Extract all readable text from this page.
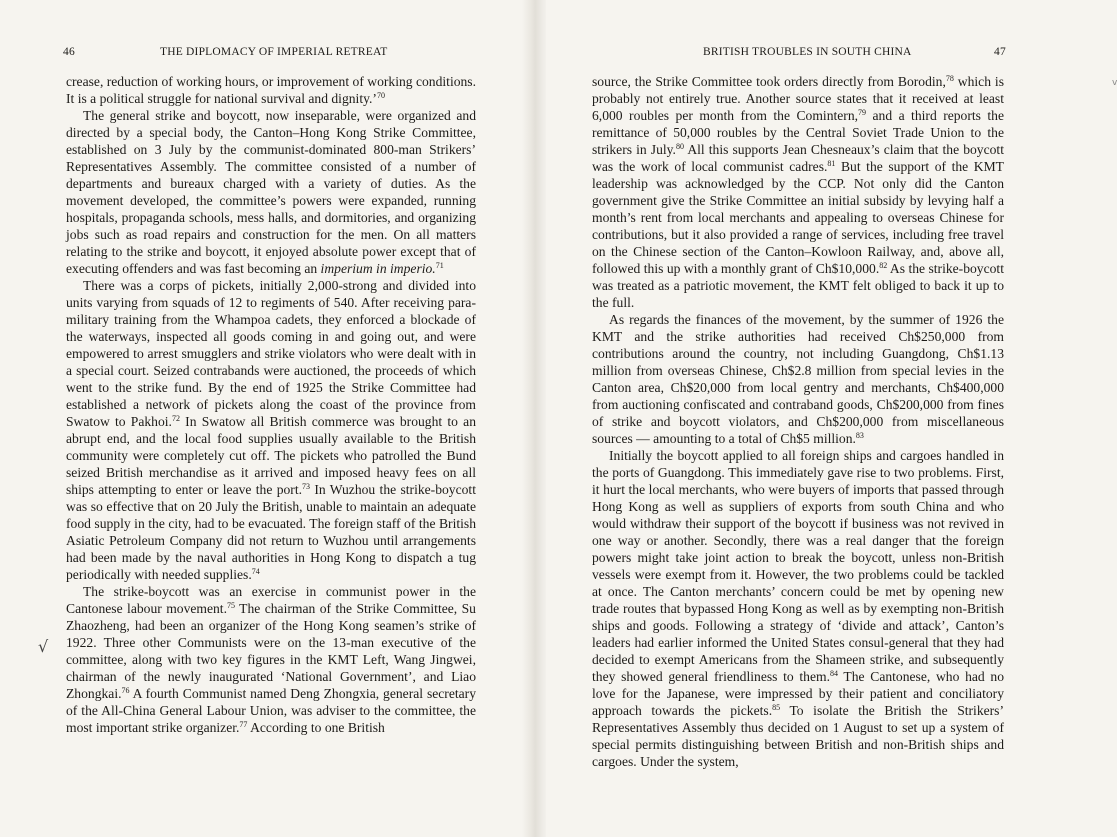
46	THE DIPLOMACY OF IMPERIAL RETREAT

crease, reduction of working hours, or improvement of working conditions. It is a political struggle for national survival and dignity.’$^{70}$

The general strike and boycott, now inseparable, were organized and directed by a special body, the Canton–Hong Kong Strike Committee, established on 3 July by the communist-dominated 800-man Strikers’ Representatives Assembly. The committee consisted of a number of departments and bureaux charged with a variety of duties. As the movement developed, the committee’s powers were expanded, running hospitals, propaganda schools, mess halls, and dormitories, and organizing jobs such as road repairs and construction for the men. On all matters relating to the strike and boycott, it enjoyed absolute power except that of executing offenders and was fast becoming an imperium in imperio.$^{71}$

There was a corps of pickets, initially 2,000-strong and divided into units varying from squads of 12 to regiments of 540. After receiving para-military training from the Whampoa cadets, they enforced a blockade of the waterways, inspected all goods coming in and going out, and were empowered to arrest smugglers and strike violators who were dealt with in a special court. Seized contrabands were auctioned, the proceeds of which went to the strike fund. By the end of 1925 the Strike Committee had established a network of pickets along the coast of the province from Swatow to Pakhoi.$^{72}$ In Swatow all British commerce was brought to an abrupt end, and the local food supplies usually available to the British community were completely cut off. The pickets who patrolled the Bund seized British merchandise as it arrived and imposed heavy fees on all ships attempting to enter or leave the port.$^{73}$ In Wuzhou the strike-boycott was so effective that on 20 July the British, unable to maintain an adequate food supply in the city, had to be evacuated. The foreign staff of the British Asiatic Petroleum Company did not return to Wuzhou until arrangements had been made by the naval authorities in Hong Kong to dispatch a tug periodically with needed supplies.$^{74}$

The strike-boycott was an exercise in communist power in the Cantonese labour movement.$^{75}$ The chairman of the Strike Committee, Su Zhaozheng, had been an organizer of the Hong Kong seamen’s strike of 1922. Three other Communists were on the 13-man executive of the committee, along with two key figures in the KMT Left, Wang Jingwei, chairman of the newly inaugurated ‘National Government’, and Liao Zhongkai.$^{76}$ A fourth Communist named Deng Zhongxia, general secretary of the All-China General Labour Union, was adviser to the committee, the most important strike organizer.$^{77}$ According to one British

√
BRITISH TROUBLES IN SOUTH CHINA	47

source, the Strike Committee took orders directly from Borodin,$^{78}$ which is probably not entirely true. Another source states that it received at least 6,000 roubles per month from the Comintern,$^{79}$ and a third reports the remittance of 50,000 roubles by the Central Soviet Trade Union to the strikers in July.$^{80}$ All this supports Jean Chesneaux’s claim that the boycott was the work of local communist cadres.$^{81}$ But the support of the KMT leadership was acknowledged by the CCP. Not only did the Canton government give the Strike Committee an initial subsidy by levying half a month’s rent from local merchants and appealing to overseas Chinese for contributions, but it also provided a range of services, including free travel on the Chinese section of the Canton–Kowloon Railway, and, above all, followed this up with a monthly grant of Ch$10,000.82 As the strike-boycott was treated as a patriotic movement, the KMT felt obliged to back it up to the full.

As regards the finances of the movement, by the summer of 1926 the KMT and the strike authorities had received Ch$250,000 from contributions around the country, not including Guangdong, Ch$1.13 million from overseas Chinese, Ch$2.8 million from special levies in the Canton area, Ch$20,000 from local gentry and merchants, Ch$400,000 from auctioning confiscated and contraband goods, Ch$200,000 from fines of strike and boycott violators, and Ch$200,000 from miscellaneous sources — amounting to a total of Ch$5 million.$^{83}$

Initially the boycott applied to all foreign ships and cargoes handled in the ports of Guangdong. This immediately gave rise to two problems. First, it hurt the local merchants, who were buyers of imports that passed through Hong Kong as well as suppliers of exports from south China and who would withdraw their support of the boycott if business was not revived in one way or another. Secondly, there was a real danger that the foreign powers might take joint action to break the boycott, unless non-British vessels were exempt from it. However, the two problems could be tackled at once. The Canton merchants’ concern could be met by opening new trade routes that bypassed Hong Kong as well as by exempting non-British ships and goods. Following a strategy of ‘divide and attack’, Canton’s leaders had earlier informed the United States consul-general that they had decided to exempt Americans from the Shameen strike, and subsequently they showed general friendliness to them.$^{84}$ The Cantonese, who had no love for the Japanese, were impressed by their patient and conciliatory approach towards the pickets.$^{85}$ To isolate the British the Strikers’ Representatives Assembly thus decided on 1 August to set up a system of special permits distinguishing between British and non-British ships and cargoes. Under the system,

v
